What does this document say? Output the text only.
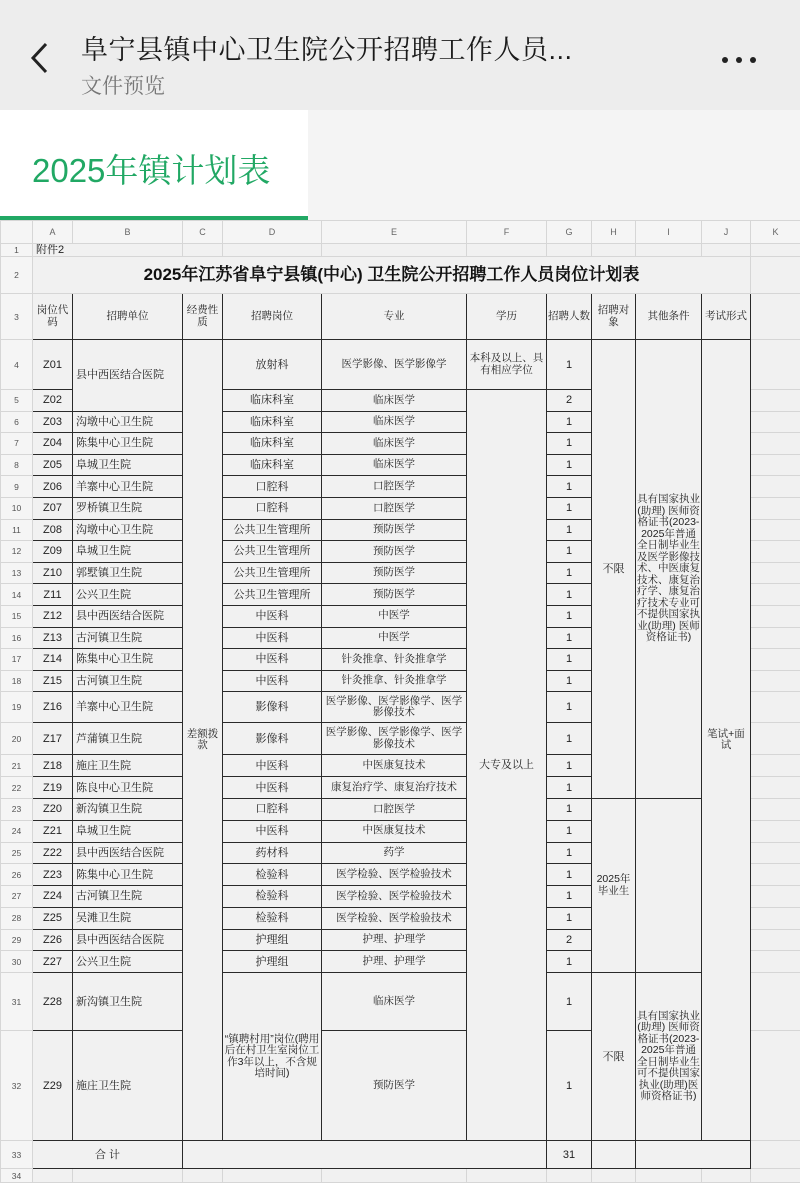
阜宁县镇中心卫生院公开招聘工作人员...
文件预览
2025年镇计划表
	A	B	C	D	E	F	G	H	I	J	K
1	附件2										
2	2025年江苏省阜宁县镇(中心) 卫生院公开招聘工作人员岗位计划表										
3	岗位代码	招聘单位	经费性质	招聘岗位	专业	学历	招聘人数	招聘对象	其他条件	考试形式	
4	Z01	县中西医结合医院	差额拨款	放射科	医学影像、医学影像学	本科及以上、具有相应学位	1	不限	具有国家执业(助理) 医师资格证书(2023-2025年普通全日制毕业生及医学影像技术、中医康复技术、康复治疗学、康复治疗技术专业可不提供国家执业(助理) 医师资格证书)	笔试+面试	
5	Z02			临床科室	临床医学	大专及以上	2				
6	Z03	沟墩中心卫生院		临床科室	临床医学		1				
7	Z04	陈集中心卫生院		临床科室	临床医学		1				
8	Z05	阜城卫生院		临床科室	临床医学		1				
9	Z06	羊寨中心卫生院		口腔科	口腔医学		1				
10	Z07	罗桥镇卫生院		口腔科	口腔医学		1				
11	Z08	沟墩中心卫生院		公共卫生管理所	预防医学		1				
12	Z09	阜城卫生院		公共卫生管理所	预防医学		1				
13	Z10	郭墅镇卫生院		公共卫生管理所	预防医学		1				
14	Z11	公兴卫生院		公共卫生管理所	预防医学		1				
15	Z12	县中西医结合医院		中医科	中医学		1				
16	Z13	古河镇卫生院		中医科	中医学		1				
17	Z14	陈集中心卫生院		中医科	针灸推拿、针灸推拿学		1				
18	Z15	古河镇卫生院		中医科	针灸推拿、针灸推拿学		1				
19	Z16	羊寨中心卫生院		影像科	医学影像、医学影像学、医学影像技术		1				
20	Z17	芦蒲镇卫生院		影像科	医学影像、医学影像学、医学影像技术		1				
21	Z18	施庄卫生院		中医科	中医康复技术		1				
22	Z19	陈良中心卫生院		中医科	康复治疗学、康复治疗技术		1				
23	Z20	新沟镇卫生院		口腔科	口腔医学		1	2025年毕业生			
24	Z21	阜城卫生院		中医科	中医康复技术		1				
25	Z22	县中西医结合医院		药材科	药学		1				
26	Z23	陈集中心卫生院		检验科	医学检验、医学检验技术		1				
27	Z24	古河镇卫生院		检验科	医学检验、医学检验技术		1				
28	Z25	吴滩卫生院		检验科	医学检验、医学检验技术		1				
29	Z26	县中西医结合医院		护理组	护理、护理学		2				
30	Z27	公兴卫生院		护理组	护理、护理学		1				
31	Z28	新沟镇卫生院		“镇聘村用”岗位(聘用后在村卫生室岗位工作3年以上，不含规培时间)	临床医学		1	不限	具有国家执业(助理) 医师资格证书(2023-2025年普通全日制毕业生可不提供国家执业(助理)医师资格证书)		
32	Z29	施庄卫生院			预防医学		1				
33	合 计						31				
34											
